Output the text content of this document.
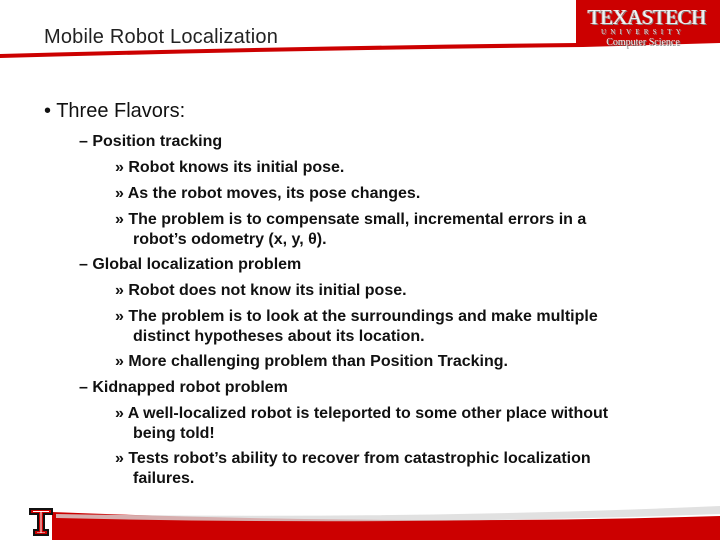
Mobile Robot Localization
TEXASTECH
UNIVERSITY
Computer Science
• Three Flavors:
– Position tracking
» Robot knows its initial pose.
» As the robot moves, its pose changes.
» The problem is to compensate small, incremental errors in a
robot’s odometry (x, y, θ).
– Global localization problem
» Robot does not know its initial pose.
» The problem is to look at the surroundings and make multiple
distinct hypotheses about its location.
» More challenging problem than Position Tracking.
– Kidnapped robot problem
» A well-localized robot is teleported to some other place without
being told!
» Tests robot’s ability to recover from catastrophic localization
failures.
